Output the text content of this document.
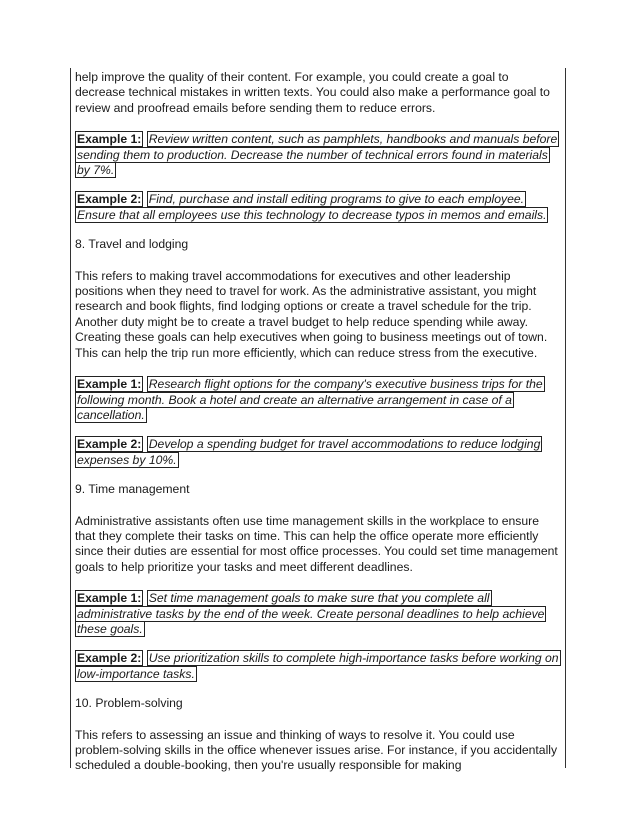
help improve the quality of their content. For example, you could create a goal to decrease technical mistakes in written texts. You could also make a performance goal to review and proofread emails before sending them to reduce errors.

Example 1: Review written content, such as pamphlets, handbooks and manuals before sending them to production. Decrease the number of technical errors found in materials by 7%.
Example 2: Find, purchase and install editing programs to give to each employee. Ensure that all employees use this technology to decrease typos in memos and emails.

8. Travel and lodging

This refers to making travel accommodations for executives and other leadership positions when they need to travel for work. As the administrative assistant, you might research and book flights, find lodging options or create a travel schedule for the trip. Another duty might be to create a travel budget to help reduce spending while away. Creating these goals can help executives when going to business meetings out of town. This can help the trip run more efficiently, which can reduce stress from the executive.

Example 1: Research flight options for the company's executive business trips for the following month. Book a hotel and create an alternative arrangement in case of a cancellation.
Example 2: Develop a spending budget for travel accommodations to reduce lodging expenses by 10%.

9. Time management

Administrative assistants often use time management skills in the workplace to ensure that they complete their tasks on time. This can help the office operate more efficiently since their duties are essential for most office processes. You could set time management goals to help prioritize your tasks and meet different deadlines.

Example 1: Set time management goals to make sure that you complete all administrative tasks by the end of the week. Create personal deadlines to help achieve these goals.
Example 2: Use prioritization skills to complete high-importance tasks before working on low-importance tasks.

10. Problem-solving

This refers to assessing an issue and thinking of ways to resolve it. You could use problem-solving skills in the office whenever issues arise. For instance, if you accidentally scheduled a double-booking, then you're usually responsible for making
